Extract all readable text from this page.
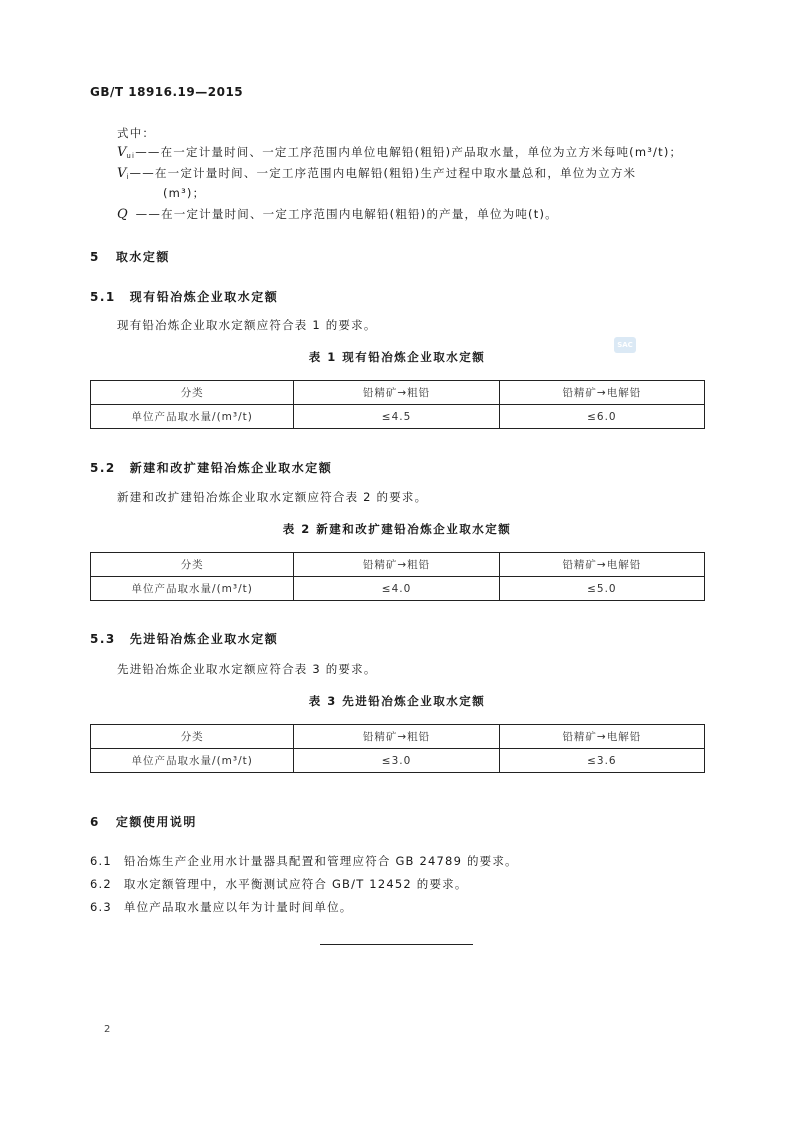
GB/T 18916.19—2015
式中：
$V_{ui}——$在一定计量时间、一定工序范围内单位电解铅(粗铅)产品取水量，单位为立方米每吨(m³/t)；
$V_i——$在一定计量时间、一定工序范围内电解铅(粗铅)生产过程中取水量总和，单位为立方米
(m³)；
Q ——在一定计量时间、一定工序范围内电解铅(粗铅)的产量，单位为吨(t)。
5 取水定额
5.1 现有铅冶炼企业取水定额
现有铅冶炼企业取水定额应符合表 1 的要求。
SAC
表 1 现有铅冶炼企业取水定额
分类	铅精矿→粗铅	铅精矿→电解铅
单位产品取水量/(m³/t)	≤4.5	≤6.0
5.2 新建和改扩建铅冶炼企业取水定额
新建和改扩建铅冶炼企业取水定额应符合表 2 的要求。
表 2 新建和改扩建铅冶炼企业取水定额
分类	铅精矿→粗铅	铅精矿→电解铅
单位产品取水量/(m³/t)	≤4.0	≤5.0
5.3 先进铅冶炼企业取水定额
先进铅冶炼企业取水定额应符合表 3 的要求。
表 3 先进铅冶炼企业取水定额
分类	铅精矿→粗铅	铅精矿→电解铅
单位产品取水量/(m³/t)	≤3.0	≤3.6
6 定额使用说明
6.1 铅冶炼生产企业用水计量器具配置和管理应符合 GB 24789 的要求。
6.2 取水定额管理中，水平衡测试应符合 GB/T 12452 的要求。
6.3 单位产品取水量应以年为计量时间单位。
2
